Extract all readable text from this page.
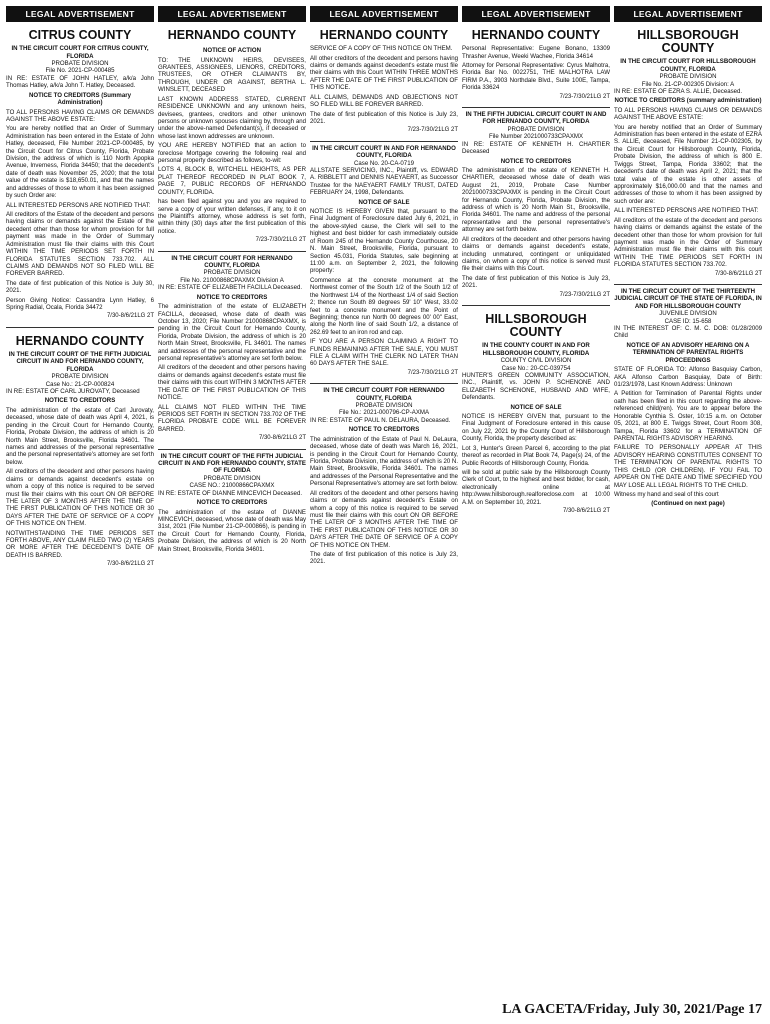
LEGAL ADVERTISEMENT
CITRUS COUNTY
IN THE CIRCUIT COURT FOR CITRUS COUNTY, FLORIDA
PROBATE DIVISION
File No. 2021-CP-000485

IN RE: ESTATE OF JOHN HATLEY, a/k/a John Thomas Hatley, a/k/a John T. Hatley, Deceased.

NOTICE TO CREDITORS (Summary Administration)

TO ALL PERSONS HAVING CLAIMS OR DEMANDS AGAINST THE ABOVE ESTATE:

You are hereby notified that an Order of Summary Administration has been entered in the Estate of John Hatley, deceased, File Number 2021-CP-000485, by the Circuit Court for Citrus County, Florida, Probate Division, the address of which is 110 North Apopka Avenue, Inverness, Florida 34450; that the decedent's date of death was November 25, 2020; that the total value of the estate is $18,650.01, and that the names and addresses of those to whom it has been assigned by such Order are:

ALL INTERESTED PERSONS ARE NOTIFIED THAT:

All creditors of the Estate of the decedent and persons having claims or demands against the Estate of the decedent other than those for whom provision for full payment was made in the Order of Summary Administration must file their claims with this Court WITHIN THE TIME PERIODS SET FORTH IN FLORIDA STATUTES SECTION 733.702. ALL CLAIMS AND DEMANDS NOT SO FILED WILL BE FOREVER BARRED.

The date of first publication of this Notice is July 30, 2021.

Person Giving Notice: Cassandra Lynn Hatley, 6 Spring Radial, Ocala, Florida 34472

7/30-8/6/21LG 2T
HERNANDO COUNTY
IN THE CIRCUIT COURT OF THE FIFTH JUDICIAL CIRCUIT IN AND FOR HERNANDO COUNTY, FLORIDA
PROBATE DIVISION
Case No.: 21-CP-000824

IN RE: ESTATE OF CARL JUROVATY, Deceased

NOTICE TO CREDITORS

The administration of the estate of Carl Jurovaty, deceased, whose date of death was April 4, 2021, is pending in the Circuit Court for Hernando County, Florida, Probate Division, the address of which is 20 North Main Street, Brooksville, Florida 34601. The names and addresses of the personal representative and the personal representative's attorney are set forth below.

All creditors of the decedent and other persons having claims or demands against decedent's estate on whom a copy of this notice is required to be served must file their claims with this court ON OR BEFORE THE LATER OF 3 MONTHS AFTER THE TIME OF THE FIRST PUBLICATION OF THIS NOTICE OR 30 DAYS AFTER THE DATE OF SERVICE OF A COPY OF THIS NOTICE ON THEM.

NOTWITHSTANDING THE TIME PERIODS SET FORTH ABOVE, ANY CLAIM FILED TWO (2) YEARS OR MORE AFTER THE DECEDENT'S DATE OF DEATH IS BARRED.

7/30-8/6/21LG 2T
LEGAL ADVERTISEMENT
HERNANDO COUNTY
NOTICE OF ACTION

TO: THE UNKNOWN HEIRS, DEVISEES, GRANTEES, ASSIGNEES, LIENORS, CREDITORS, TRUSTEES, OR OTHER CLAIMANTS BY, THROUGH, UNDER OR AGAINST, BERTHA L. WINSLETT, DECEASED

LAST KNOWN ADDRESS STATED, CURRENT RESIDENCE UNKNOWN and any unknown heirs, devisees, grantees, creditors and other unknown persons or unknown spouses claiming by, through and under the above-named Defendant(s), if deceased or whose last known addresses are unknown.

YOU ARE HEREBY NOTIFIED that an action to foreclose Mortgage covering the following real and personal property described as follows, to-wit:

LOTS 4, BLOCK B, WITCHELL HEIGHTS, AS PER PLAT THEREOF RECORDED IN PLAT BOOK 7, PAGE 7, PUBLIC RECORDS OF HERNANDO COUNTY, FLORIDA.

has been filed against you and you are required to serve a copy of your written defenses, if any, to it on the Plaintiff's attorney, whose address is set forth, within thirty (30) days after the first publication of this notice.

7/23-7/30/21LG 2T
IN THE CIRCUIT COURT FOR HERNANDO COUNTY, FLORIDA
PROBATE DIVISION
File No. 21000868CPAXMX Division A

IN RE: ESTATE OF ELIZABETH FACILLA Deceased.

NOTICE TO CREDITORS

The administration of the estate of ELIZABETH FACILLA, deceased, whose date of death was October 13, 2020; File Number 21000868CPAXMX, is pending in the Circuit Court for Hernando County, Florida, Probate Division, the address of which is 20 North Main Street, Brooksville, FL 34601. The names and addresses of the personal representative and the personal representative's attorney are set forth below.

All creditors of the decedent and other persons having claims or demands against decedent's estate must file their claims with this court WITHIN 3 MONTHS AFTER THE DATE OF THE FIRST PUBLICATION OF THIS NOTICE.

ALL CLAIMS NOT FILED WITHIN THE TIME PERIODS SET FORTH IN SECTION 733.702 OF THE FLORIDA PROBATE CODE WILL BE FOREVER BARRED.

7/30-8/6/21LG 2T
IN THE CIRCUIT COURT OF THE FIFTH JUDICIAL CIRCUIT IN AND FOR HERNANDO COUNTY, STATE OF FLORIDA
PROBATE DIVISION
CASE NO.: 21000866CPAXMX

IN RE: ESTATE OF DIANNE MINCEVICH Deceased.

NOTICE TO CREDITORS

The administration of the estate of DIANNE MINCEVICH, deceased, whose date of death was May 31st, 2021 (File Number 21-CP-000866), is pending in the Circuit Court for Hernando County, Florida, Probate Division, the address of which is 20 North Main Street, Brooksville, Florida 34601.

LEGAL ADVERTISEMENT
HERNANDO COUNTY

SERVICE OF A COPY OF THIS NOTICE ON THEM.

All other creditors of the decedent and persons having claims or demands against decedent's estate must file their claims with this Court WITHIN THREE MONTHS AFTER THE DATE OF THE FIRST PUBLICATION OF THIS NOTICE.

ALL CLAIMS, DEMANDS AND OBJECTIONS NOT SO FILED WILL BE FOREVER BARRED.

The date of first publication of this Notice is July 23, 2021.

7/23-7/30/21LG 2T
IN THE CIRCUIT COURT IN AND FOR HERNANDO COUNTY, FLORIDA
Case No. 20-CA-0719

ALLSTATE SERVICING, INC., Plaintiff, vs. EDWARD A. RIBBLETT and DENNIS NAEYAERT, as Successor Trustee for the NAEYAERT FAMILY TRUST, DATED FEBRUARY 24, 1998, Defendants.

NOTICE OF SALE

NOTICE IS HEREBY GIVEN that, pursuant to the Final Judgment of Foreclosure dated July 6, 2021, in the above-styled cause, the Clerk will sell to the highest and best bidder for cash immediately outside of Room 245 of the Hernando County Courthouse, 20 N. Main Street, Brooksville, Florida, pursuant to Section 45.031, Florida Statutes, sale beginning at 11:00 a.m. on September 2, 2021, the following property:

Commence at the concrete monument at the Northwest corner of the South 1/2 of the South 1/2 of the Northwest 1/4 of the Northeast 1/4 of said Section 2; thence run South 89 degrees 59' 10" West, 33.02 feet to a concrete monument and the Point of Beginning; thence run North 00 degrees 00' 00" East, along the North line of said South 1/2, a distance of 262.69 feet to an iron rod and cap.

IF YOU ARE A PERSON CLAIMING A RIGHT TO FUNDS REMAINING AFTER THE SALE, YOU MUST FILE A CLAIM WITH THE CLERK NO LATER THAN 60 DAYS AFTER THE SALE.

7/23-7/30/21LG 2T
IN THE CIRCUIT COURT FOR HERNANDO COUNTY, FLORIDA
PROBATE DIVISION
File No.: 2021-000796-CP-AXMA

IN RE: ESTATE OF PAUL N. DELAURA, Deceased.

NOTICE TO CREDITORS

The administration of the Estate of Paul N. DeLaura, deceased, whose date of death was March 16, 2021, is pending in the Circuit Court for Hernando County, Florida, Probate Division, the address of which is 20 N. Main Street, Brooksville, Florida 34601. The names and addresses of the Personal Representative and the Personal Representative's attorney are set forth below.

All creditors of the decedent and other persons having claims or demands against decedent's Estate on whom a copy of this notice is required to be served must file their claims with this court ON OR BEFORE THE LATER OF 3 MONTHS AFTER THE TIME OF THE FIRST PUBLICATION OF THIS NOTICE OR 30 DAYS AFTER THE DATE OF SERVICE OF A COPY OF THIS NOTICE ON THEM.

The date of first publication of this notice is July 23, 2021.

LEGAL ADVERTISEMENT
HERNANDO COUNTY

Personal Representative: Eugene Bonano, 13309 Thrasher Avenue, Weeki Wachee, Florida 34614

Attorney for Personal Representative: Cyrus Malhotra, Florida Bar No. 0022751, THE MALHOTRA LAW FIRM P.A., 3903 Northdale Blvd., Suite 100E, Tampa, Florida 33624

7/23-7/30/21LG 2T
IN THE FIFTH JUDICIAL CIRCUIT COURT IN AND FOR HERNANDO COUNTY, FLORIDA
PROBATE DIVISION
File Number 2021000733CPAXMX

IN RE: ESTATE OF KENNETH H. CHARTIER Deceased

NOTICE TO CREDITORS

The administration of the estate of KENNETH H. CHARTIER, deceased whose date of death was August 21, 2019, Probate Case Number 2021000733CPAXMX is pending in the Circuit Court for Hernando County, Florida, Probate Division, the address of which is 20 North Main St., Brooksville, Florida 34601. The name and address of the personal representative and the personal representative's attorney are set forth below.

All creditors of the decedent and other persons having claims or demands against decedent's estate, including unmatured, contingent or unliquidated claims, on whom a copy of this notice is served must file their claims with this Court.

The date of first publication of this Notice is July 23, 2021.

7/23-7/30/21LG 2T
HILLSBOROUGH COUNTY
IN THE COUNTY COURT IN AND FOR HILLSBOROUGH COUNTY, FLORIDA
COUNTY CIVIL DIVISION
Case No.: 20-CC-039754

HUNTER'S GREEN COMMUNITY ASSOCIATION, INC., Plaintiff, vs. JOHN P. SCHENONE AND ELIZABETH SCHENONE, HUSBAND AND WIFE, Defendants.

NOTICE OF SALE

NOTICE IS HEREBY GIVEN that, pursuant to the Final Judgment of Foreclosure entered in this cause on July 22, 2021 by the County Court of Hillsborough County, Florida, the property described as:

Lot 3, Hunter's Green Parcel 6, according to the plat thereof as recorded in Plat Book 74, Page(s) 24, of the Public Records of Hillsborough County, Florida.

will be sold at public sale by the Hillsborough County Clerk of Court, to the highest and best bidder, for cash, electronically online at http://www.hillsborough.realforeclose.com at 10:00 A.M. on September 10, 2021.

7/30-8/6/21LG 2T
LEGAL ADVERTISEMENT
HILLSBOROUGH COUNTY
IN THE CIRCUIT COURT FOR HILLSBOROUGH COUNTY, FLORIDA
PROBATE DIVISION
File No. 21-CP-002305 Division: A

IN RE: ESTATE OF EZRA S. ALLIE, Deceased.

NOTICE TO CREDITORS (summary administration)

TO ALL PERSONS HAVING CLAIMS OR DEMANDS AGAINST THE ABOVE ESTATE:

You are hereby notified that an Order of Summary Administration has been entered in the estate of EZRA S. ALLIE, deceased, File Number 21-CP-002305, by the Circuit Court for Hillsborough County, Florida, Probate Division, the address of which is 800 E. Twiggs Street, Tampa, Florida 33602; that the decedent's date of death was April 2, 2021; that the total value of the estate is other assets of approximately $16,000.00 and that the names and addresses of those to whom it has been assigned by such order are:

ALL INTERESTED PERSONS ARE NOTIFIED THAT:

All creditors of the estate of the decedent and persons having claims or demands against the estate of the decedent other than those for whom provision for full payment was made in the Order of Summary Administration must file their claims with this court WITHIN THE TIME PERIODS SET FORTH IN FLORIDA STATUTES SECTION 733.702.

7/30-8/6/21LG 2T
IN THE CIRCUIT COURT OF THE THIRTEENTH JUDICIAL CIRCUIT OF THE STATE OF FLORIDA, IN AND FOR HILLSBOROUGH COUNTY
JUVENILE DIVISION
CASE ID: 15-658

IN THE INTEREST OF: C. M. C. DOB: 01/28/2009 Child

NOTICE OF AN ADVISORY HEARING ON A TERMINATION OF PARENTAL RIGHTS PROCEEDINGS

STATE OF FLORIDA TO: Alfonso Basquiay Carbon, AKA Alfonso Carbon Basquiay, Date of Birth: 01/23/1978, Last Known Address: Unknown

A Petition for Termination of Parental Rights under oath has been filed in this court regarding the above-referenced child(ren). You are to appear before the Honorable Cynthia S. Oster, 10:15 a.m. on October 05, 2021, at 800 E. Twiggs Street, Court Room 308, Tampa, Florida 33602 for a TERMINATION OF PARENTAL RIGHTS ADVISORY HEARING.

FAILURE TO PERSONALLY APPEAR AT THIS ADVISORY HEARING CONSTITUTES CONSENT TO THE TERMINATION OF PARENTAL RIGHTS TO THIS CHILD (OR CHILDREN). IF YOU FAIL TO APPEAR ON THE DATE AND TIME SPECIFIED YOU MAY LOSE ALL LEGAL RIGHTS TO THE CHILD.

Witness my hand and seal of this court

(Continued on next page)
LA GACETA/Friday, July 30, 2021/Page 17
